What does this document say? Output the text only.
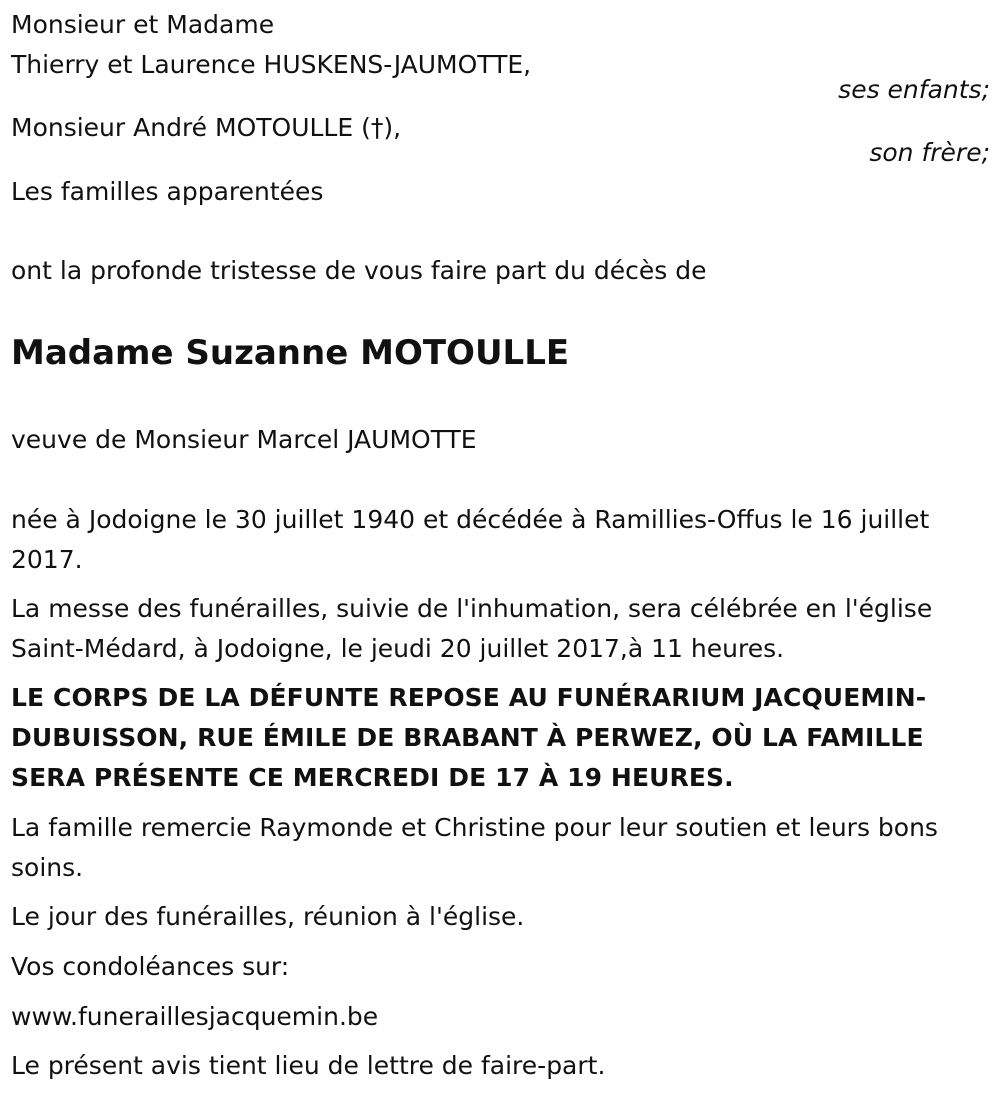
Monsieur et Madame
Thierry et Laurence HUSKENS-JAUMOTTE,
ses enfants;
Monsieur André MOTOULLE (†),
son frère;
Les familles apparentées
ont la profonde tristesse de vous faire part du décès de
Madame Suzanne MOTOULLE
veuve de Monsieur Marcel JAUMOTTE
née à Jodoigne le 30 juillet 1940 et décédée à Ramillies-Offus le 16 juillet 2017.
La messe des funérailles, suivie de l'inhumation, sera célébrée en l'église Saint-Médard, à Jodoigne, le jeudi 20 juillet 2017,à 11 heures.
LE CORPS DE LA DÉFUNTE REPOSE AU FUNÉRARIUM JACQUEMIN-DUBUISSON, RUE ÉMILE DE BRABANT À PERWEZ, OÙ LA FAMILLE SERA PRÉSENTE CE MERCREDI DE 17 À 19 HEURES.
La famille remercie Raymonde et Christine pour leur soutien et leurs bons soins.
Le jour des funérailles, réunion à l'église.
Vos condoléances sur:
www.funeraillesjacquemin.be
Le présent avis tient lieu de lettre de faire-part.
